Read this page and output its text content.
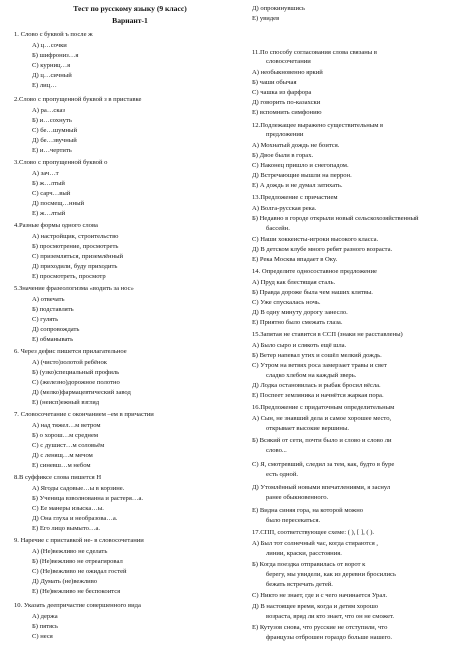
Тест по русскому языку (9 класс)
Вариант-1
1. Слово с буквой ъ после ж
А) ц…сочки
Б) шифрониз…я
С) курниц…я
Д) ц…сичный
Е) лиц…
2.Слово с пропущенной буквой з в приставке
А) ра…сказ
Б) и…сохнуть
С) бе…шумный
Д) бе…звучный
Е) и…чертить
3.Слово с пропущенной буквой о
А) зач…т
Б) ж…лтый
С) сарч…вый
Д) посмещ…нный
Е) ж…лтый
4.Разные формы одного слова
А) настройщик, строительство
Б) просмотрение, просмотреть
С) приземляться, приземлённый
Д) приходили, буду приходить
Е) просмотреть, просмотр
5.Значение фразеологизма «водить за нос»
А) отвечать
Б) подставлять
С) гулять
Д) сопровождать
Е) обманывать
6. Через дефис пишется прилагательное
А) (чисто)золотой ребёнок
Б) (узко)специальный профиль
С) (железно)дорожное полотно
Д) (мелко)фармацевтический завод
Е) (неисп)ежный взгляд
7. Словосочетание с окончанием –ем в причастии
А) над тяжел…м ветром
Б) о хорош…м среднем
С) с душист…м соловьём
Д) с ленящ…м мечом
Е) синевш…м небом
8.В суффиксе слова пишется Н
А) Ягоды садовые…ы в корзине.
Б) Ученица взволнованна и растеря…а.
С) Ее манеры изыска…ы.
Д) Она глуха и необразова…а.
Е) Его лицо вымыто…а.
9. Наречие с приставкой не- в словосочетании
А) (Не)вежливо не сделать
Б) (Не)вежливо не отреагировал
С) (Не)вежливо не ожидал гостей
Д) Думать (не)вежливо
Е) (Не)вежливо не беспокоится
10. Указать деепричастие совершенного вида
А) держа
Б) пятясь
С) неся
Д) опрокинувшись
Е) увидев
11.По способу согласования слова связаны в
словосочетании
А) необыкновенно яркий
Б) чаши обычая
С) чашка из фарфора
Д) говорить по-казахски
Е) вспомнить симфонию
12.Подлежащее выражено существительным в
предложении
А) Мохнатый дождь не боится.
Б) Двое были в горах.
С) Наконец пришло и снегопадом.
Д) Встречающие вышли на перрон.
Е) А дождь и не думал затихать.
13.Предложение с причастием
А) Волга-русская река.
Б) Недавно в городе открыли новый сельскохозяйственный
бассейн.
С) Наши хоккеисты-игроки высокого класса.
Д) В детском клубе много ребят разного возраста.
Е) Река Москва впадает в Оку.
14. Определите односоставное предложение
А) Пруд как блестящая сталь.
Б) Правда дороже была чем наших клятвы.
С) Уже спускалась ночь.
Д) В одну минуту дорогу занесло.
Е) Приятно было смежать глаза.
15.Запятая не ставится в ССП (знаки не расставлены)
А) Было сыро и слякоть ещё шла.
Б) Ветер напевал утих и сошёл мелкий дождь.
С) Утром на ветвях роса замерзает травы и свет
сладко хлебом на каждый зверь.
Д) Лодка остановилась и рыбак бросил вёсла.
Е) Поспеет земляника и начнётся жаркая пора.
16.Предложение с придаточным определительным
А) Сын, не знавший дела и самое хорошее место,
открывает высокие вершины.
Б) Всякий от сети, почти было и слово и слово ли
слово...
С) Я, смотревший, следил за тем, как, будто в буре
есть одной.
Д) Утомлённый новыми впечатлениями, я заснул
ранее обыкновенного.
Е) Видна синяя гора, на которой можно
было пересекаться.
17.СПП, соответствующее схеме: ( ), [ ], ( ).
А) Был тот солнечный час, когда стираются ,
линии, краски, расстояния.
Б) Когда поездка отправилась от ворот к
берегу, мы увидели, как из деревни бросились
бежать встречать детей.
С) Никто не знает, где и с чего начинается Урал.
Д) В настоящее время, когда и детям хорошо
возраста, вряд ли кто знает, что он не сможет.
Е) Кутузов снова, что русские не отступили, что
французы отброшен гораздо больше нашего.
